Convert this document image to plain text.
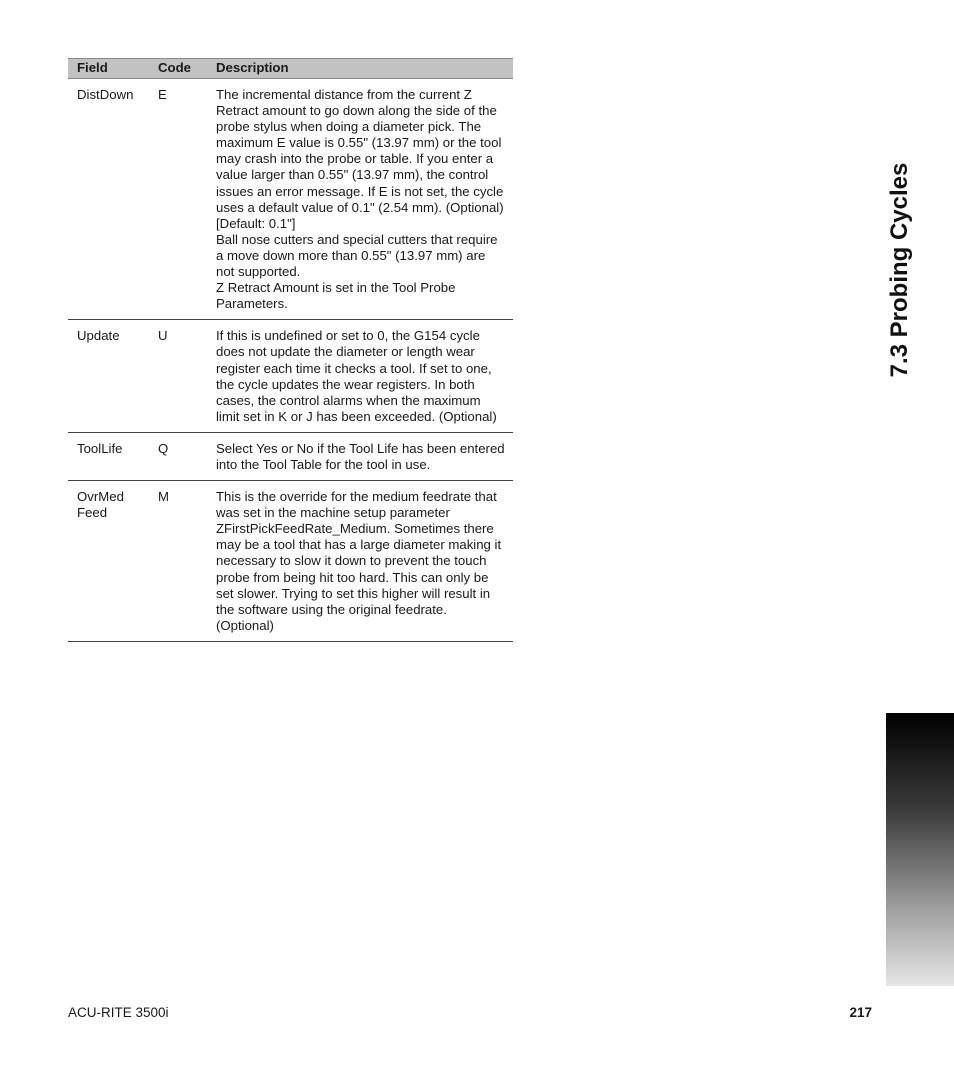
Field	Code	Description

DistDown	E	The incremental distance from the current Z Retract amount to go down along the side of the probe stylus when doing a diameter pick. The maximum E value is 0.55" (13.97 mm) or the tool may crash into the probe or table. If you enter a value larger than 0.55" (13.97 mm), the control issues an error message. If E is not set, the cycle uses a default value of 0.1" (2.54 mm). (Optional) [Default: 0.1"]
Ball nose cutters and special cutters that require a move down more than 0.55" (13.97 mm) are not supported.
Z Retract Amount is set in the Tool Probe Parameters.

Update	U	If this is undefined or set to 0, the G154 cycle does not update the diameter or length wear register each time it checks a tool. If set to one, the cycle updates the wear registers. In both cases, the control alarms when the maximum limit set in K or J has been exceeded. (Optional)

ToolLife	Q	Select Yes or No if the Tool Life has been entered into the Tool Table for the tool in use.

OvrMed
Feed	M	This is the override for the medium feedrate that was set in the machine setup parameter ZFirstPickFeedRate_Medium. Sometimes there may be a tool that has a large diameter making it necessary to slow it down to prevent the touch probe from being hit too hard. This can only be set slower. Trying to set this higher will result in the software using the original feedrate. (Optional)
7.3 Probing Cycles
ACU-RITE 3500i	217
